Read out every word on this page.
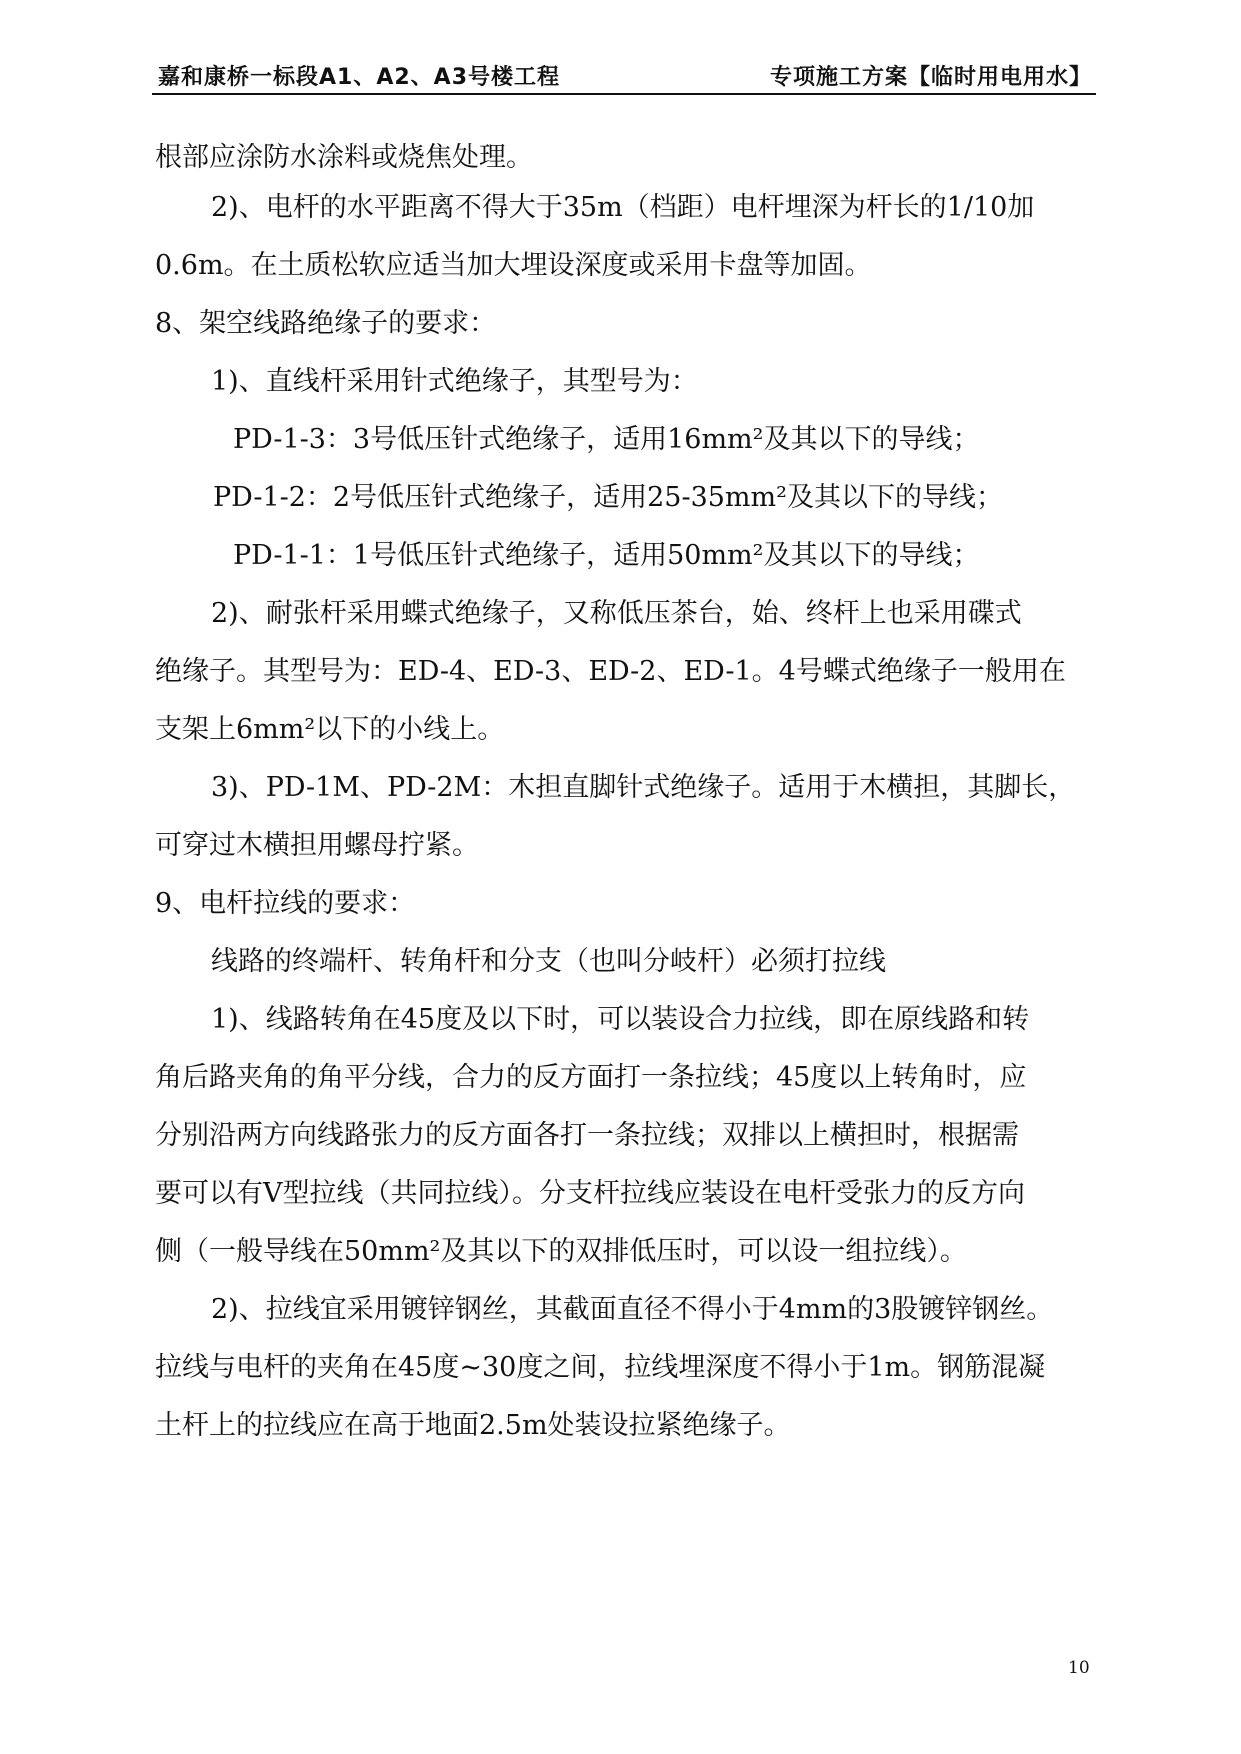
嘉和康桥一标段A1、A2、A3号楼工程	专项施工方案【临时用电用水】
根部应涂防水涂料或烧焦处理。
2)、电杆的水平距离不得大于35m（档距）电杆埋深为杆长的1/10加
0.6m。在土质松软应适当加大埋设深度或采用卡盘等加固。
8、架空线路绝缘子的要求：
1)、直线杆采用针式绝缘子，其型号为：
PD-1-3：3号低压针式绝缘子，适用16mm²及其以下的导线；
PD-1-2：2号低压针式绝缘子，适用25-35mm²及其以下的导线；
PD-1-1：1号低压针式绝缘子，适用50mm²及其以下的导线；
2)、耐张杆采用蝶式绝缘子，又称低压茶台，始、终杆上也采用碟式
绝缘子。其型号为：ED-4、ED-3、ED-2、ED-1。4号蝶式绝缘子一般用在
支架上6mm²以下的小线上。
3)、PD-1M、PD-2M：木担直脚针式绝缘子。适用于木横担，其脚长，
可穿过木横担用螺母拧紧。
9、电杆拉线的要求：
线路的终端杆、转角杆和分支（也叫分岐杆）必须打拉线
1)、线路转角在45度及以下时，可以装设合力拉线，即在原线路和转
角后路夹角的角平分线，合力的反方面打一条拉线；45度以上转角时，应
分别沿两方向线路张力的反方面各打一条拉线；双排以上横担时，根据需
要可以有V型拉线（共同拉线）。分支杆拉线应装设在电杆受张力的反方向
侧（一般导线在50mm²及其以下的双排低压时，可以设一组拉线）。
2)、拉线宜采用镀锌钢丝，其截面直径不得小于4mm的3股镀锌钢丝。
拉线与电杆的夹角在45度~30度之间，拉线埋深度不得小于1m。钢筋混凝
土杆上的拉线应在高于地面2.5m处装设拉紧绝缘子。
10
